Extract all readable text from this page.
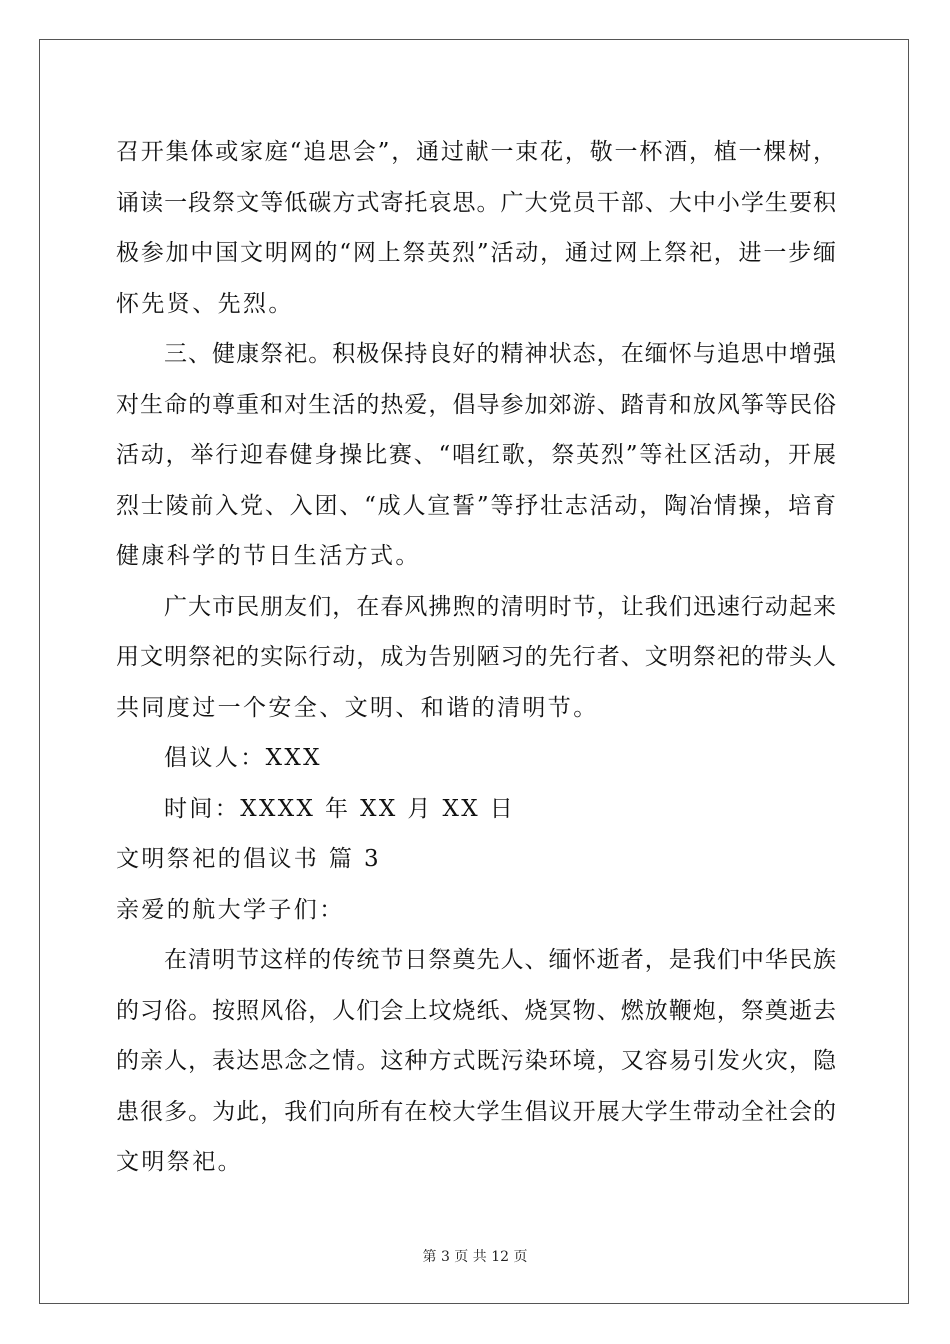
召开集体或家庭“追思会”，通过献一束花，敬一杯酒，植一棵树，
诵读一段祭文等低碳方式寄托哀思。广大党员干部、大中小学生要积
极参加中国文明网的“网上祭英烈”活动，通过网上祭祀，进一步缅
怀先贤、先烈。
三、健康祭祀。积极保持良好的精神状态，在缅怀与追思中增强
对生命的尊重和对生活的热爱，倡导参加郊游、踏青和放风筝等民俗
活动，举行迎春健身操比赛、“唱红歌，祭英烈”等社区活动，开展
烈士陵前入党、入团、“成人宣誓”等抒壮志活动，陶冶情操，培育
健康科学的节日生活方式。
广大市民朋友们，在春风拂煦的清明时节，让我们迅速行动起来
用文明祭祀的实际行动，成为告别陋习的先行者、文明祭祀的带头人
共同度过一个安全、文明、和谐的清明节。
倡议人：XXX
时间：XXXX 年 XX 月 XX 日
文明祭祀的倡议书 篇 3
亲爱的航大学子们：
在清明节这样的传统节日祭奠先人、缅怀逝者，是我们中华民族
的习俗。按照风俗，人们会上坟烧纸、烧冥物、燃放鞭炮，祭奠逝去
的亲人，表达思念之情。这种方式既污染环境，又容易引发火灾，隐
患很多。为此，我们向所有在校大学生倡议开展大学生带动全社会的
文明祭祀。
第 3 页 共 12 页
